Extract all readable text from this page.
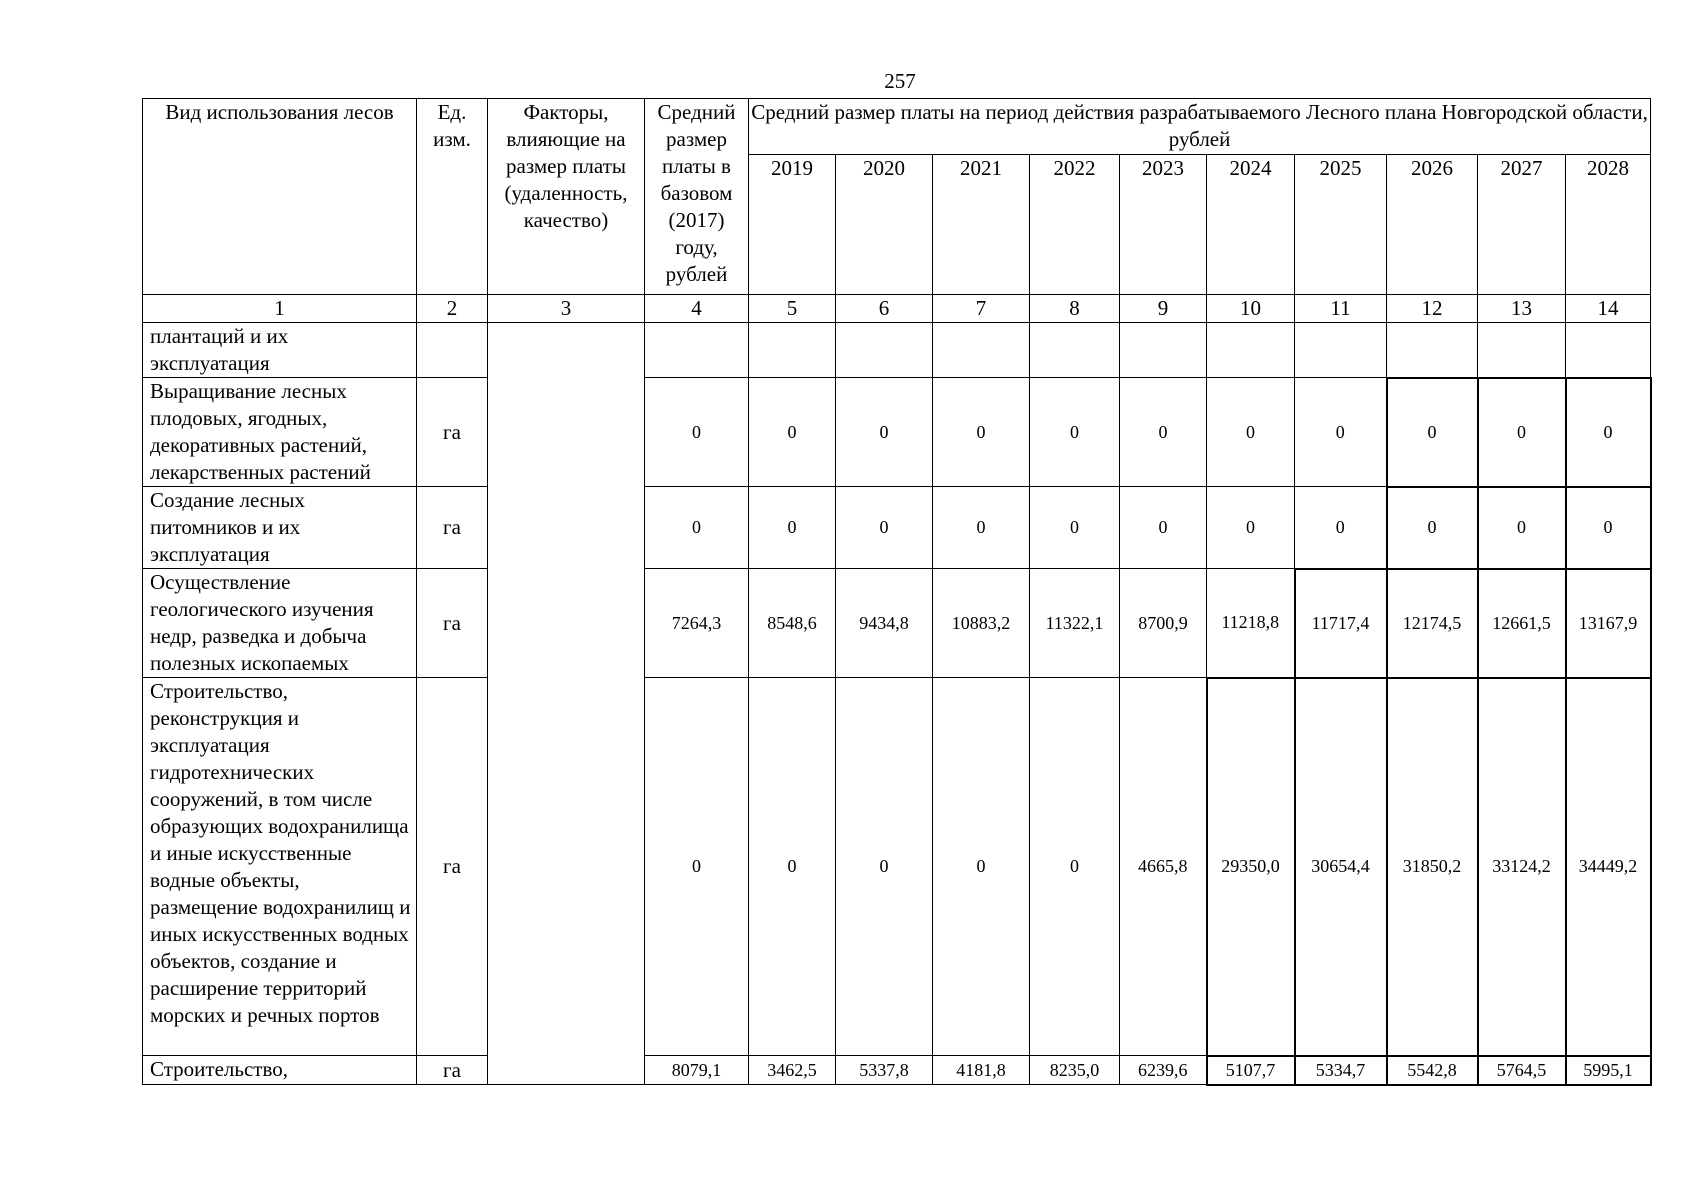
257
Вид использования лесов	Ед. изм.	Факторы, влияющие на размер платы (удаленность, качество)	Средний размер платы в базовом (2017) году, рублей	Средний размер платы на период действия разрабатываемого Лесного плана Новгородской области, рублей									
				2019	2020	2021	2022	2023	2024	2025	2026	2027	2028
1	2	3	4	5	6	7	8	9	10	11	12	13	14
плантаций и их эксплуатация													
Выращивание лесных плодовых, ягодных, декоративных растений, лекарственных растений	га		0	0	0	0	0	0	0	0	0	0	0
Создание лесных питомников и их эксплуатация	га		0	0	0	0	0	0	0	0	0	0	0
Осуществление геологического изучения недр, разведка и добыча полезных ископаемых	га		7264,3	8548,6	9434,8	10883,2	11322,1	8700,9	11218,8	11717,4	12174,5	12661,5	13167,9
Строительство, реконструкция и эксплуатация гидротехнических сооружений, в том числе образующих водохранилища и иные искусственные водные объекты, размещение водохранилищ и иных искусственных водных объектов, создание и расширение территорий морских и речных портов	га		0	0	0	0	0	4665,8	29350,0	30654,4	31850,2	33124,2	34449,2
Строительство,	га		8079,1	3462,5	5337,8	4181,8	8235,0	6239,6	5107,7	5334,7	5542,8	5764,5	5995,1
